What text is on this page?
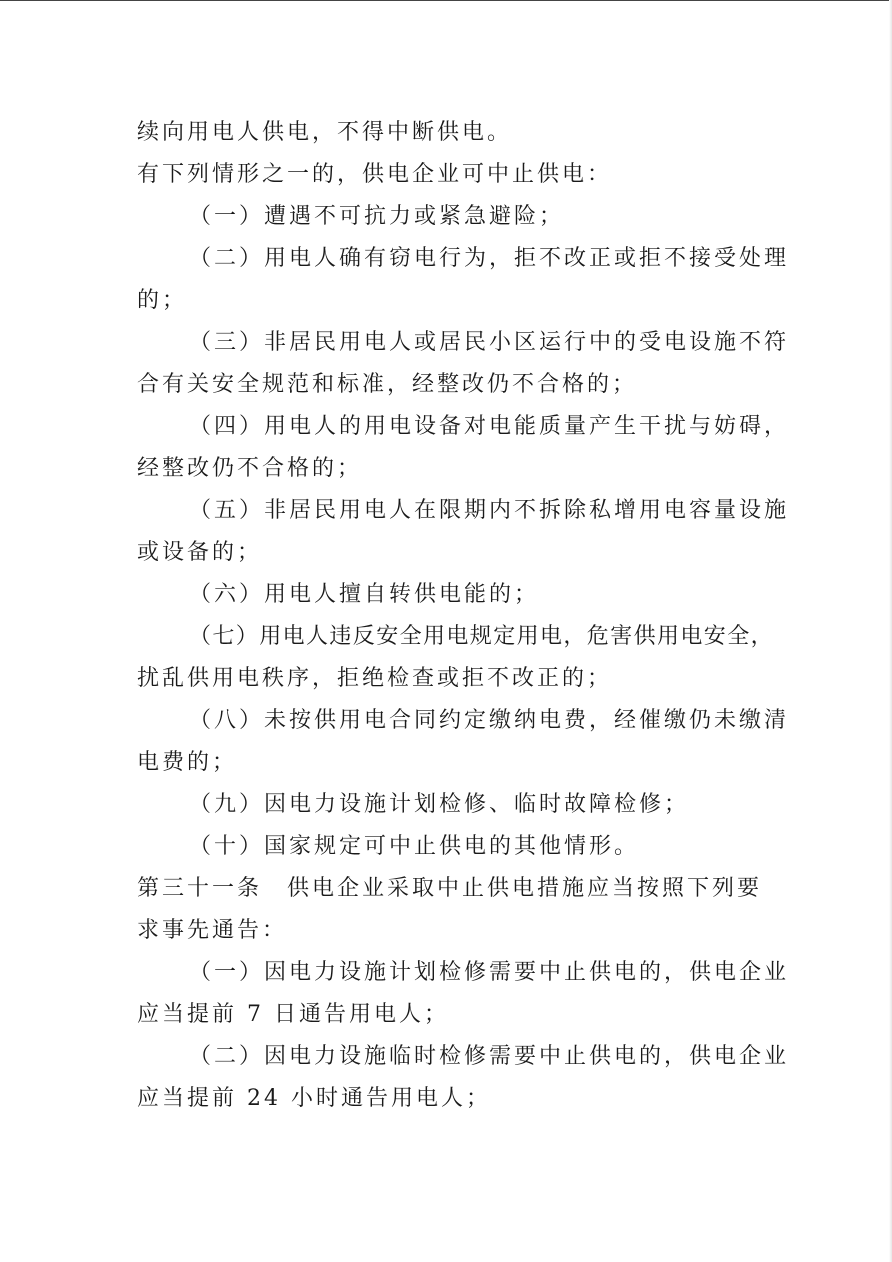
续向用电人供电，不得中断供电。
有下列情形之一的，供电企业可中止供电：
（一）遭遇不可抗力或紧急避险；
（二）用电人确有窃电行为，拒不改正或拒不接受处理
的；
（三）非居民用电人或居民小区运行中的受电设施不符
合有关安全规范和标准，经整改仍不合格的；
（四）用电人的用电设备对电能质量产生干扰与妨碍，
经整改仍不合格的；
（五）非居民用电人在限期内不拆除私增用电容量设施
或设备的；
（六）用电人擅自转供电能的；
（七）用电人违反安全用电规定用电，危害供用电安全，
扰乱供用电秩序，拒绝检查或拒不改正的；
（八）未按供用电合同约定缴纳电费，经催缴仍未缴清
电费的；
（九）因电力设施计划检修、临时故障检修；
（十）国家规定可中止供电的其他情形。
第三十一条　供电企业采取中止供电措施应当按照下列要
求事先通告：
（一）因电力设施计划检修需要中止供电的，供电企业
应当提前 7 日通告用电人；
（二）因电力设施临时检修需要中止供电的，供电企业
应当提前 24 小时通告用电人；
